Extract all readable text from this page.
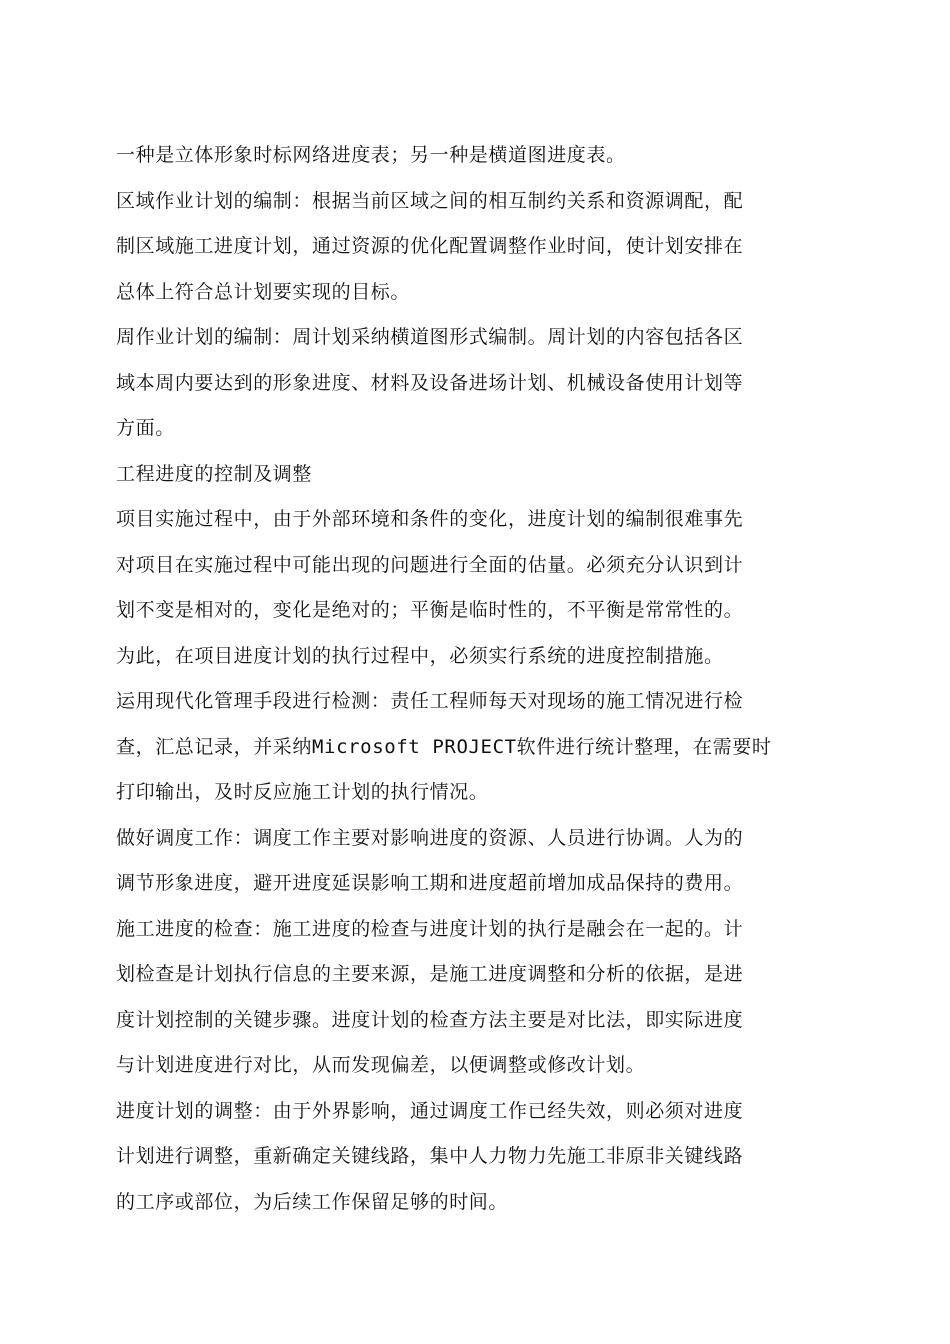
一种是立体形象时标网络进度表；另一种是横道图进度表。

区域作业计划的编制：根据当前区域之间的相互制约关系和资源调配，配
制区域施工进度计划，通过资源的优化配置调整作业时间，使计划安排在
总体上符合总计划要实现的目标。

周作业计划的编制：周计划采纳横道图形式编制。周计划的内容包括各区
域本周内要达到的形象进度、材料及设备进场计划、机械设备使用计划等
方面。

工程进度的控制及调整

项目实施过程中，由于外部环境和条件的变化，进度计划的编制很难事先
对项目在实施过程中可能出现的问题进行全面的估量。必须充分认识到计
划不变是相对的，变化是绝对的；平衡是临时性的，不平衡是常常性的。
为此，在项目进度计划的执行过程中，必须实行系统的进度控制措施。

运用现代化管理手段进行检测：责任工程师每天对现场的施工情况进行检
查，汇总记录，并采纳Microsoft PROJECT软件进行统计整理，在需要时
打印输出，及时反应施工计划的执行情况。

做好调度工作：调度工作主要对影响进度的资源、人员进行协调。人为的
调节形象进度，避开进度延误影响工期和进度超前增加成品保持的费用。

施工进度的检查：施工进度的检查与进度计划的执行是融会在一起的。计
划检查是计划执行信息的主要来源，是施工进度调整和分析的依据，是进
度计划控制的关键步骤。进度计划的检查方法主要是对比法，即实际进度
与计划进度进行对比，从而发现偏差，以便调整或修改计划。

进度计划的调整：由于外界影响，通过调度工作已经失效，则必须对进度
计划进行调整，重新确定关键线路，集中人力物力先施工非原非关键线路
的工序或部位，为后续工作保留足够的时间。
